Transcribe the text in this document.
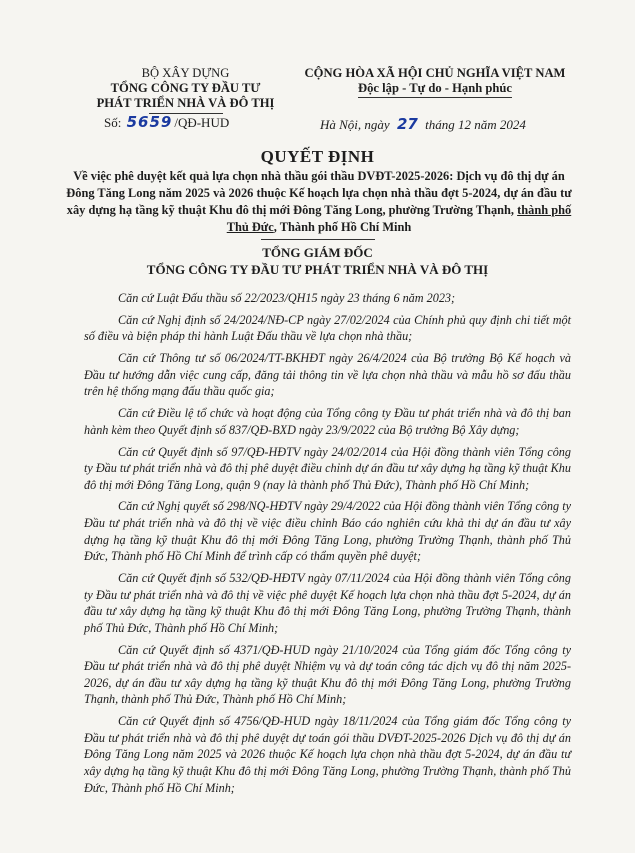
BỘ XÂY DỰNG
TỔNG CÔNG TY ĐẦU TƯ
PHÁT TRIỂN NHÀ VÀ ĐÔ THỊ
CỘNG HÒA XÃ HỘI CHỦ NGHĨA VIỆT NAM
Độc lập - Tự do - Hạnh phúc
Số: 5659 /QĐ-HUD	Hà Nội, ngày 27 tháng 12 năm 2024
QUYẾT ĐỊNH
Về việc phê duyệt kết quả lựa chọn nhà thầu gói thầu DVĐT-2025-2026: Dịch vụ đô thị dự án Đông Tăng Long năm 2025 và 2026 thuộc Kế hoạch lựa chọn nhà thầu đợt 5-2024, dự án đầu tư xây dựng hạ tầng kỹ thuật Khu đô thị mới Đông Tăng Long, phường Trường Thạnh, thành phố Thủ Đức, Thành phố Hồ Chí Minh
TỔNG GIÁM ĐỐC
TỔNG CÔNG TY ĐẦU TƯ PHÁT TRIỂN NHÀ VÀ ĐÔ THỊ

Căn cứ Luật Đấu thầu số 22/2023/QH15 ngày 23 tháng 6 năm 2023;

Căn cứ Nghị định số 24/2024/NĐ-CP ngày 27/02/2024 của Chính phủ quy định chi tiết một số điều và biện pháp thi hành Luật Đấu thầu về lựa chọn nhà thầu;

Căn cứ Thông tư số 06/2024/TT-BKHĐT ngày 26/4/2024 của Bộ trưởng Bộ Kế hoạch và Đầu tư hướng dẫn việc cung cấp, đăng tải thông tin về lựa chọn nhà thầu và mẫu hồ sơ đấu thầu trên hệ thống mạng đấu thầu quốc gia;

Căn cứ Điều lệ tổ chức và hoạt động của Tổng công ty Đầu tư phát triển nhà và đô thị ban hành kèm theo Quyết định số 837/QĐ-BXD ngày 23/9/2022 của Bộ trưởng Bộ Xây dựng;

Căn cứ Quyết định số 97/QĐ-HĐTV ngày 24/02/2014 của Hội đồng thành viên Tổng công ty Đầu tư phát triển nhà và đô thị phê duyệt điều chỉnh dự án đầu tư xây dựng hạ tầng kỹ thuật Khu đô thị mới Đông Tăng Long, quận 9 (nay là thành phố Thủ Đức), Thành phố Hồ Chí Minh;

Căn cứ Nghị quyết số 298/NQ-HĐTV ngày 29/4/2022 của Hội đồng thành viên Tổng công ty Đầu tư phát triển nhà và đô thị về việc điều chỉnh Báo cáo nghiên cứu khả thi dự án đầu tư xây dựng hạ tầng kỹ thuật Khu đô thị mới Đông Tăng Long, phường Trường Thạnh, thành phố Thủ Đức, Thành phố Hồ Chí Minh để trình cấp có thẩm quyền phê duyệt;

Căn cứ Quyết định số 532/QĐ-HĐTV ngày 07/11/2024 của Hội đồng thành viên Tổng công ty Đầu tư phát triển nhà và đô thị về việc phê duyệt Kế hoạch lựa chọn nhà thầu đợt 5-2024, dự án đầu tư xây dựng hạ tầng kỹ thuật Khu đô thị mới Đông Tăng Long, phường Trường Thạnh, thành phố Thủ Đức, Thành phố Hồ Chí Minh;

Căn cứ Quyết định số 4371/QĐ-HUD ngày 21/10/2024 của Tổng giám đốc Tổng công ty Đầu tư phát triển nhà và đô thị phê duyệt Nhiệm vụ và dự toán công tác dịch vụ đô thị năm 2025-2026, dự án đầu tư xây dựng hạ tầng kỹ thuật Khu đô thị mới Đông Tăng Long, phường Trường Thạnh, thành phố Thủ Đức, Thành phố Hồ Chí Minh;

Căn cứ Quyết định số 4756/QĐ-HUD ngày 18/11/2024 của Tổng giám đốc Tổng công ty Đầu tư phát triển nhà và đô thị phê duyệt dự toán gói thầu DVĐT-2025-2026 Dịch vụ đô thị dự án Đông Tăng Long năm 2025 và 2026 thuộc Kế hoạch lựa chọn nhà thầu đợt 5-2024, dự án đầu tư xây dựng hạ tầng kỹ thuật Khu đô thị mới Đông Tăng Long, phường Trường Thạnh, thành phố Thủ Đức, Thành phố Hồ Chí Minh;
